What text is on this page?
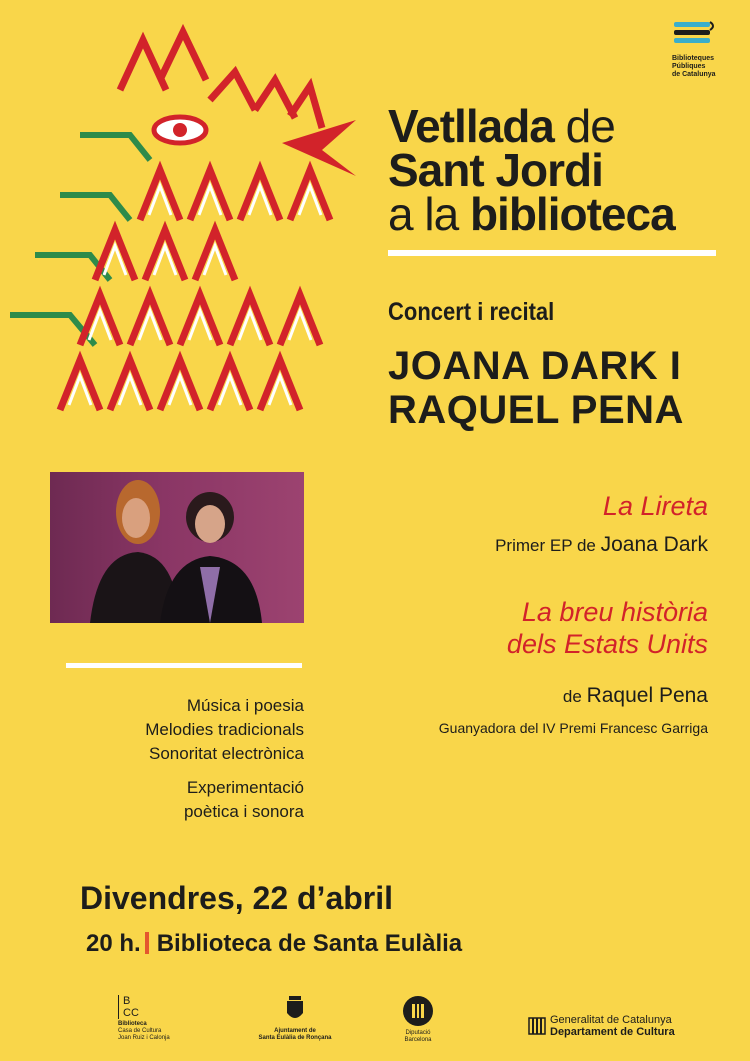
Biblioteques
Públiques
de Catalunya
Vetllada de
Sant Jordi
a la biblioteca
Concert i recital
JOANA DARK I
RAQUEL PENA
La Lireta
Primer EP de Joana Dark
La breu història
dels Estats Units
de Raquel Pena
Guanyadora del IV Premi Francesc Garriga
Música i poesia
Melodies tradicionals
Sonoritat electrònica
Experimentació
poètica i sonora
Divendres, 22 d’abril
20 h. Biblioteca de Santa Eulàlia
B
CC
Biblioteca
Casa de Cultura
Joan Ruiz i Calonja
Ajuntament de
Santa Eulàlia de Ronçana
Diputació
Barcelona
Generalitat de Catalunya
Departament de Cultura
